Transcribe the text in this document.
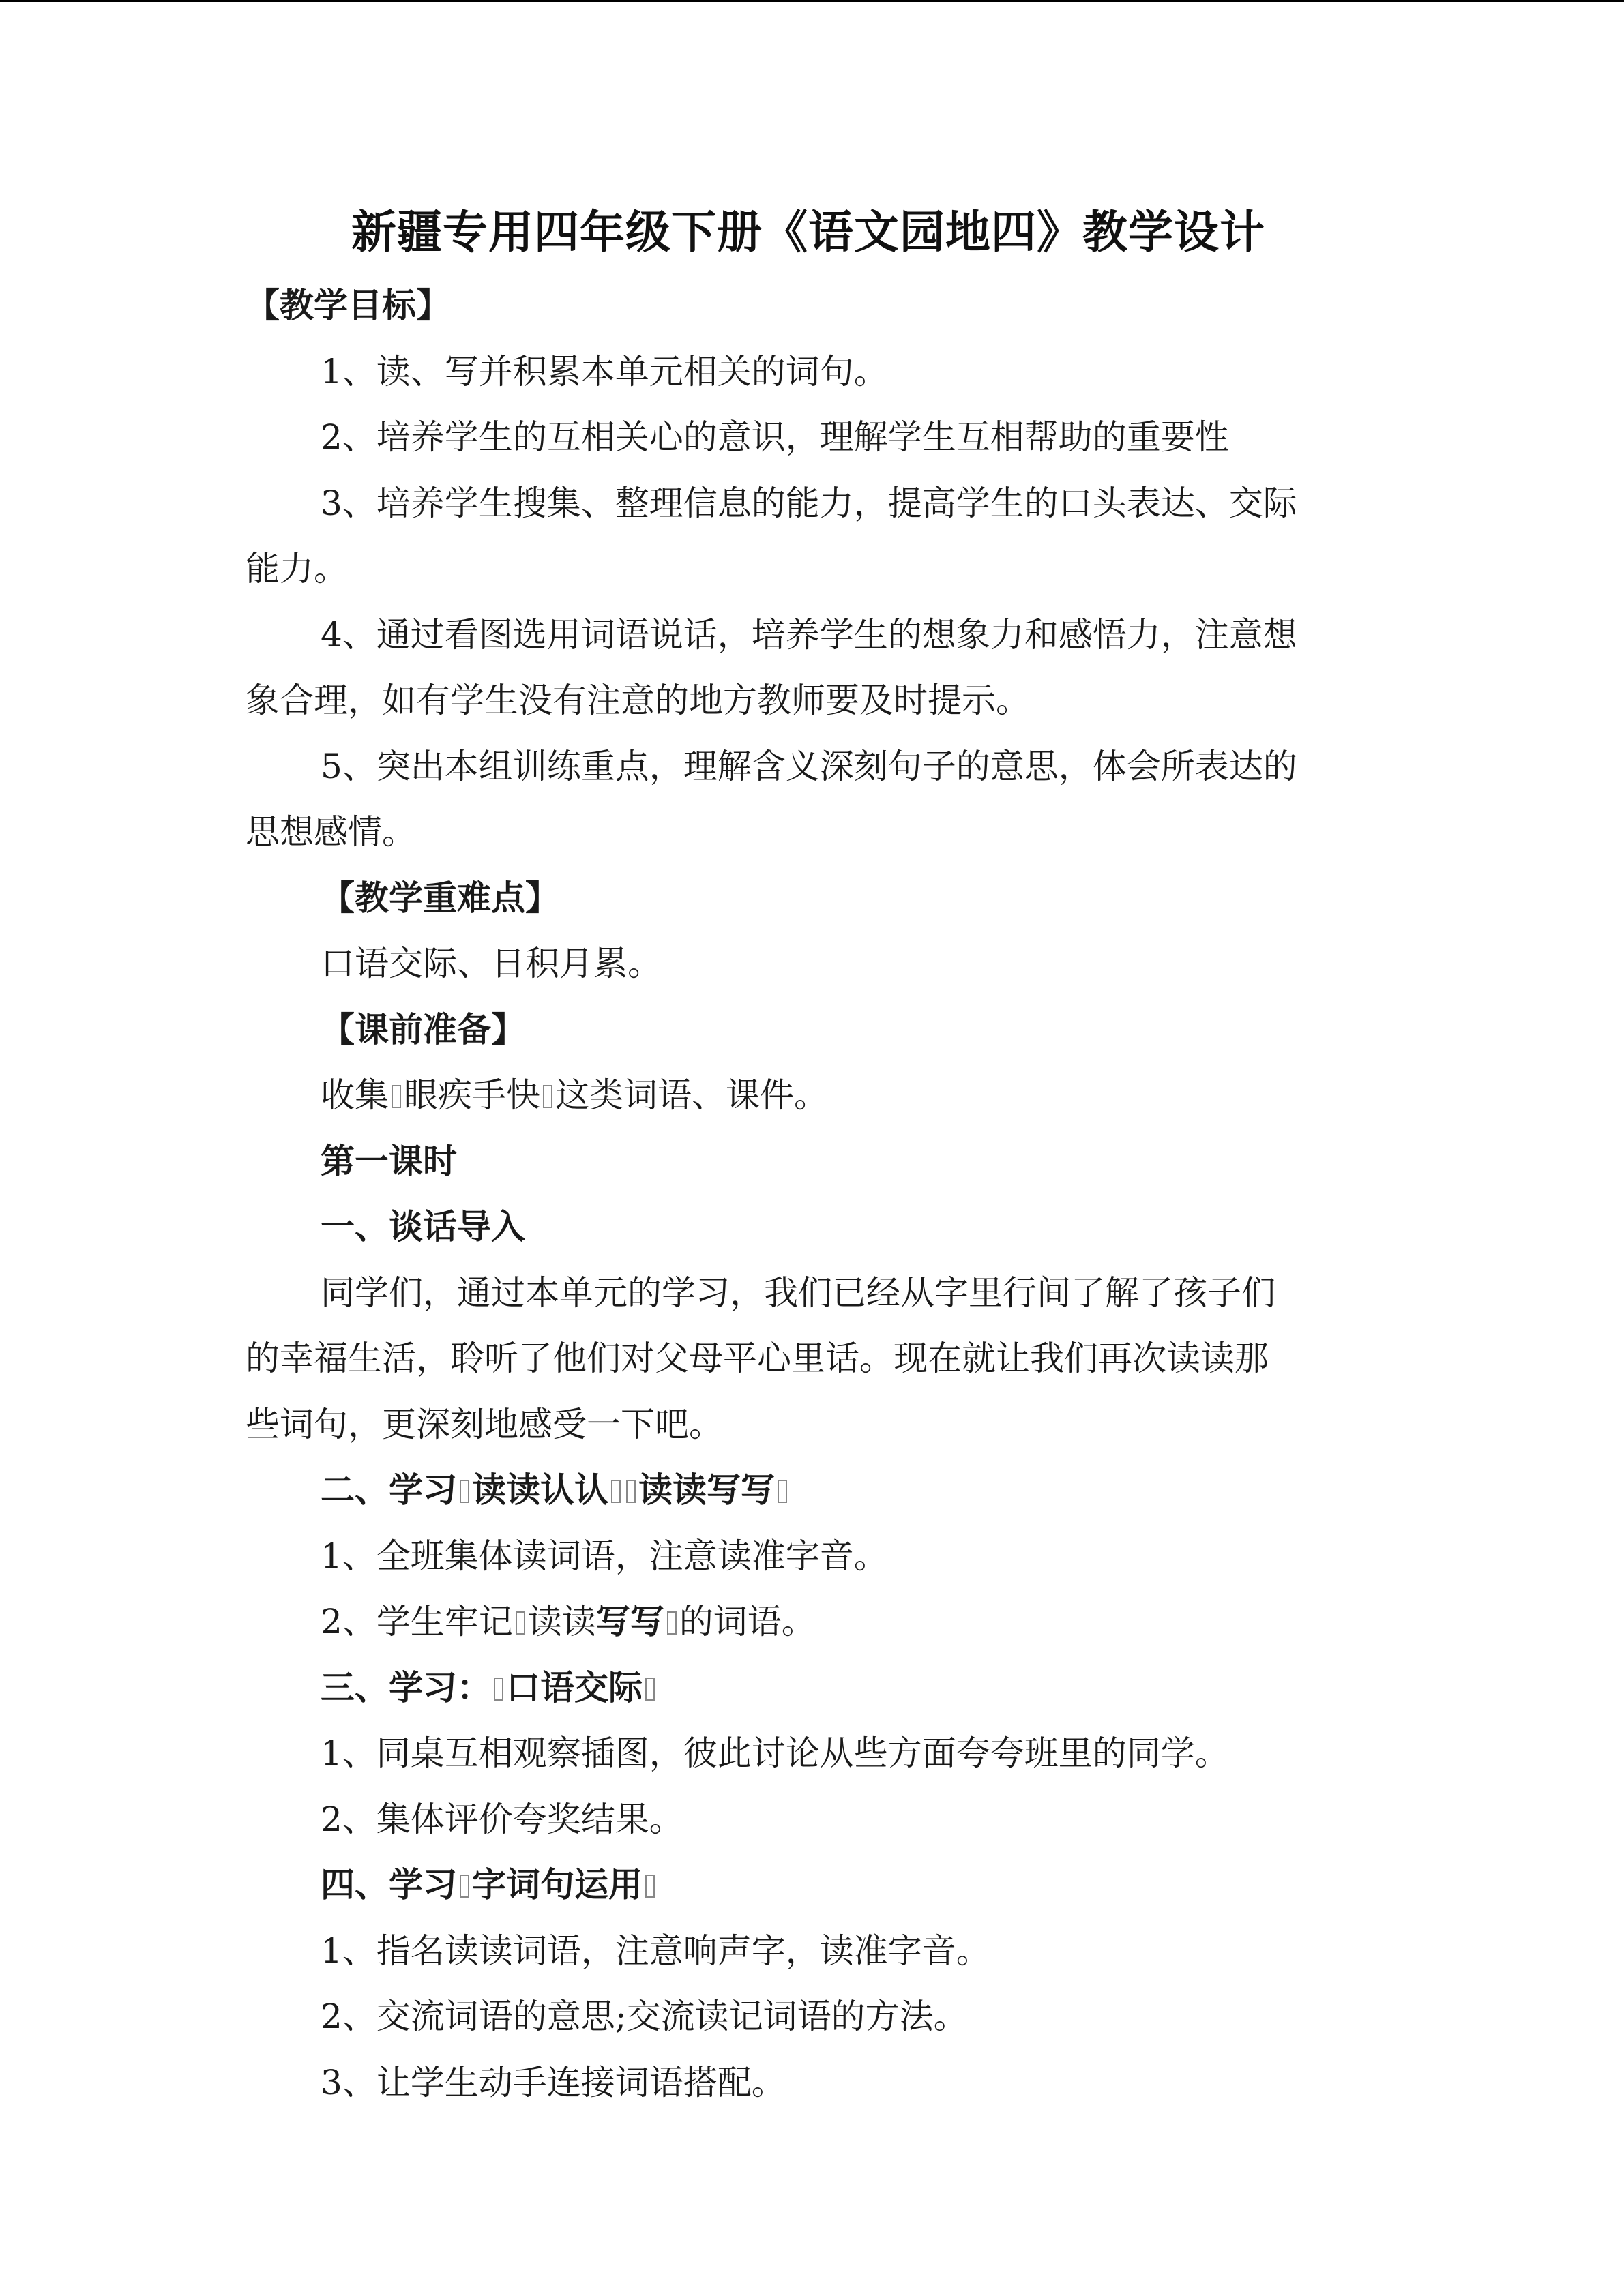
新疆专用四年级下册《语文园地四》教学设计
【教学目标】
1、读、写并积累本单元相关的词句。
2、培养学生的互相关心的意识，理解学生互相帮助的重要性
3、培养学生搜集、整理信息的能力，提高学生的口头表达、交际
能力。
4、通过看图选用词语说话，培养学生的想象力和感悟力，注意想
象合理，如有学生没有注意的地方教师要及时提示。
5、突出本组训练重点，理解含义深刻句子的意思，体会所表达的
思想感情。
【教学重难点】
口语交际、日积月累。
【课前准备】
收集 眼疾手快 这类词语、课件。
第一课时
一、谈话导入
同学们，通过本单元的学习，我们已经从字里行间了解了孩子们
的幸福生活，聆听了他们对父母平心里话。现在就让我们再次读读那
些词句，更深刻地感受一下吧。
二、学习 读读认认 读读写写
1、全班集体读词语，注意读准字音。
2、学生牢记 读读写写 的词语。
三、学习： 口语交际
1、同桌互相观察插图，彼此讨论从些方面夸夸班里的同学。
2、集体评价夸奖结果。
四、学习 字词句运用
1、指名读读词语，注意响声字，读准字音。
2、交流词语的意思;交流读记词语的方法。
3、让学生动手连接词语搭配。
